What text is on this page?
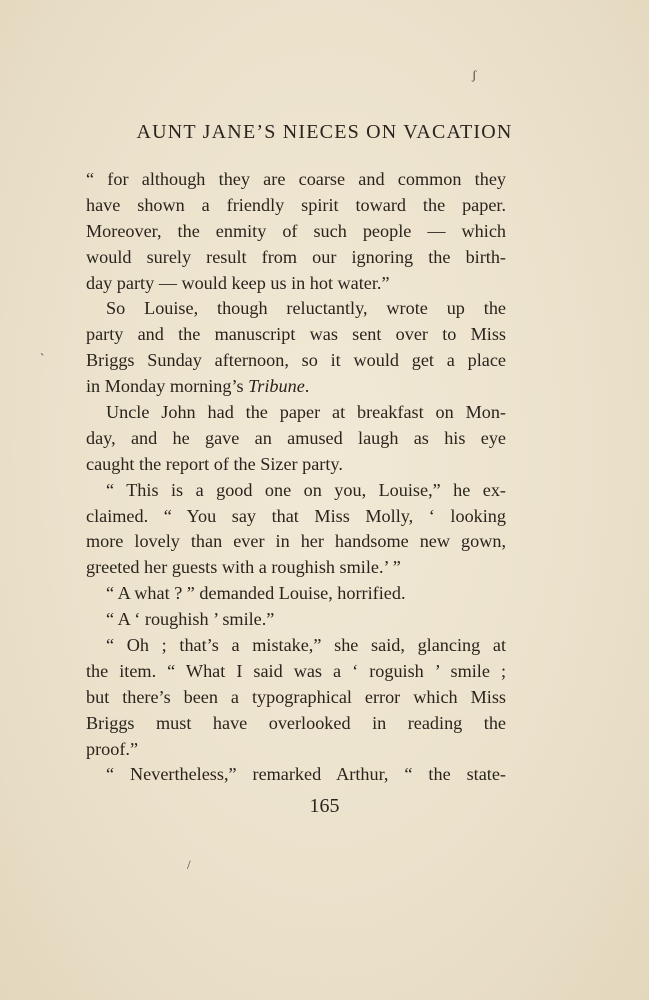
AUNT JANE’S NIECES ON VACATION
“ for although they are coarse and common they
have shown a friendly spirit toward the paper.
Moreover, the enmity of such people — which
would surely result from our ignoring the birth-
day party — would keep us in hot water.”
So Louise, though reluctantly, wrote up the
party and the manuscript was sent over to Miss
Briggs Sunday afternoon, so it would get a place
in Monday morning’s Tribune.
Uncle John had the paper at breakfast on Mon-
day, and he gave an amused laugh as his eye
caught the report of the Sizer party.
“ This is a good one on you, Louise,” he ex-
claimed. “ You say that Miss Molly, ‘ looking
more lovely than ever in her handsome new gown,
greeted her guests with a roughish smile.’ ”
“ A what ? ” demanded Louise, horrified.
“ A ‘ roughish ’ smile.”
“ Oh ; that’s a mistake,” she said, glancing at
the item. “ What I said was a ‘ roguish ’ smile ;
but there’s been a typographical error which Miss
Briggs must have overlooked in reading the
proof.”
“ Nevertheless,” remarked Arthur, “ the state-
165
ʃ
ˏ
/
